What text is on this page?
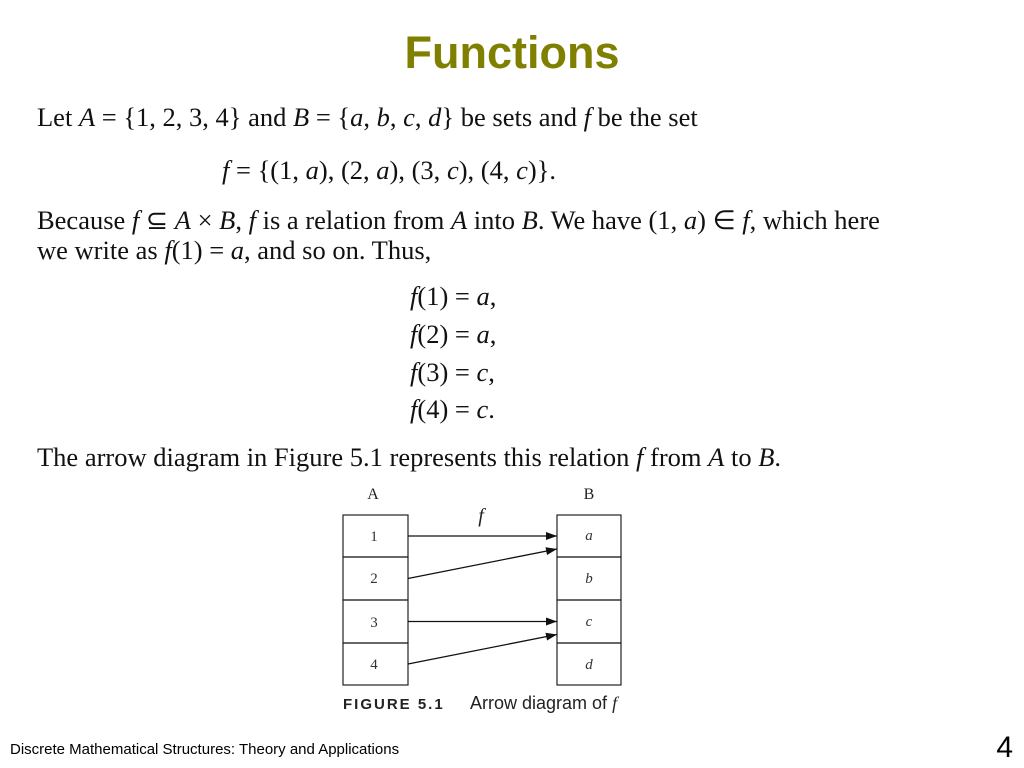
Functions
Let A = {1, 2, 3, 4} and B = {a, b, c, d} be sets and f be the set
f = {(1, a), (2, a), (3, c), (4, c)}.
Because f ⊆ A × B, f is a relation from A into B. We have (1, a) ∈ f, which here
we write as f(1) = a, and so on. Thus,
f(1) = a,
f(2) = a,
f(3) = c,
f(4) = c.
The arrow diagram in Figure 5.1 represents this relation f from A to B.
A	B
f
1
2
3
4
a
b
c
d
FIGURE 5.1 Arrow diagram of f
Discrete Mathematical Structures: Theory and Applications	4
